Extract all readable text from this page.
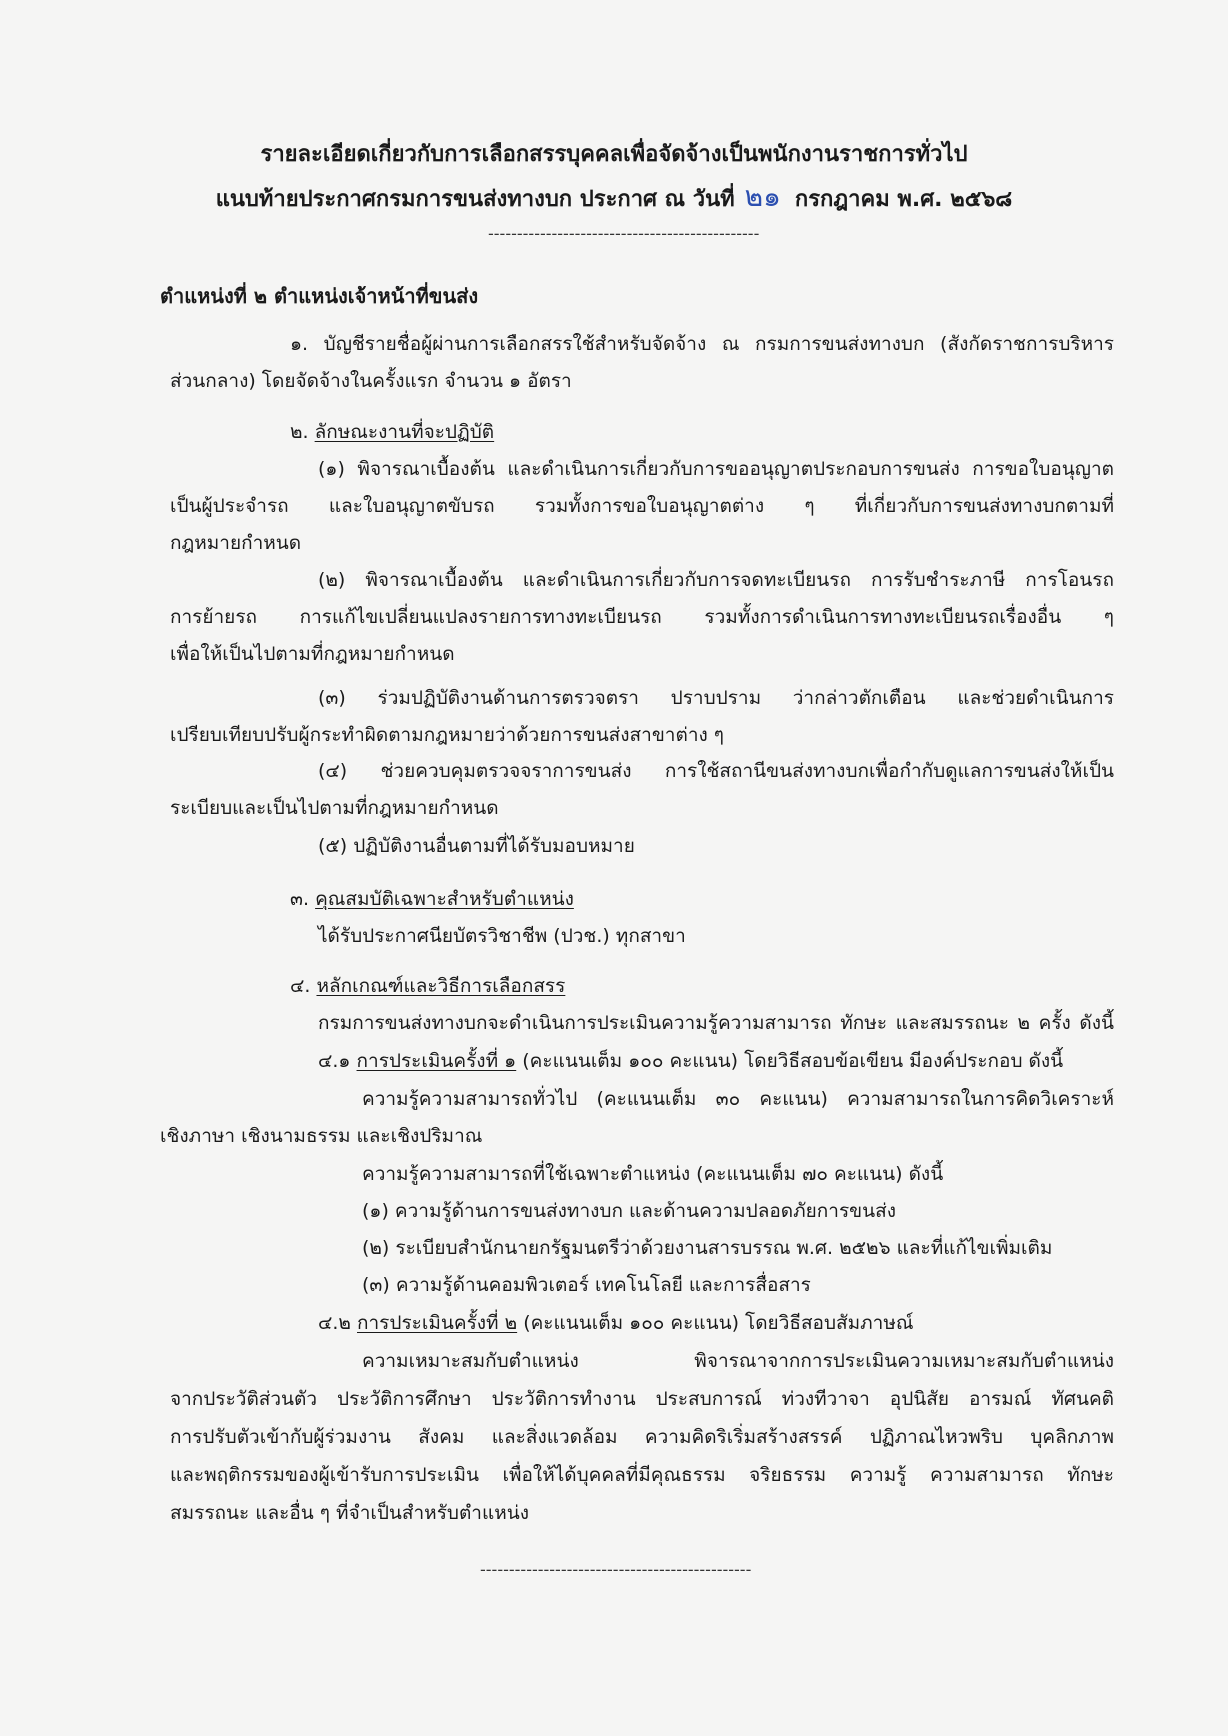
รายละเอียดเกี่ยวกับการเลือกสรรบุคคลเพื่อจัดจ้างเป็นพนักงานราชการทั่วไป
แนบท้ายประกาศกรมการขนส่งทางบก ประกาศ ณ วันที่ ๒๑ กรกฎาคม พ.ศ. ๒๕๖๘
-----------------------------------------------
ตำแหน่งที่ ๒ ตำแหน่งเจ้าหน้าที่ขนส่ง
๑. บัญชีรายชื่อผู้ผ่านการเลือกสรรใช้สำหรับจัดจ้าง ณ กรมการขนส่งทางบก (สังกัดราชการบริหาร
ส่วนกลาง) โดยจัดจ้างในครั้งแรก จำนวน ๑ อัตรา
๒. ลักษณะงานที่จะปฏิบัติ
(๑) พิจารณาเบื้องต้น และดำเนินการเกี่ยวกับการขออนุญาตประกอบการขนส่ง การขอใบอนุญาต
เป็นผู้ประจำรถ และใบอนุญาตขับรถ รวมทั้งการขอใบอนุญาตต่าง ๆ ที่เกี่ยวกับการขนส่งทางบกตามที่
กฎหมายกำหนด
(๒) พิจารณาเบื้องต้น และดำเนินการเกี่ยวกับการจดทะเบียนรถ การรับชำระภาษี การโอนรถ
การย้ายรถ การแก้ไขเปลี่ยนแปลงรายการทางทะเบียนรถ รวมทั้งการดำเนินการทางทะเบียนรถเรื่องอื่น ๆ
เพื่อให้เป็นไปตามที่กฎหมายกำหนด
(๓) ร่วมปฏิบัติงานด้านการตรวจตรา ปราบปราม ว่ากล่าวตักเตือน และช่วยดำเนินการ
เปรียบเทียบปรับผู้กระทำผิดตามกฎหมายว่าด้วยการขนส่งสาขาต่าง ๆ
(๔) ช่วยควบคุมตรวจจราการขนส่ง การใช้สถานีขนส่งทางบกเพื่อกำกับดูแลการขนส่งให้เป็น
ระเบียบและเป็นไปตามที่กฎหมายกำหนด
(๕) ปฏิบัติงานอื่นตามที่ได้รับมอบหมาย
๓. คุณสมบัติเฉพาะสำหรับตำแหน่ง
ได้รับประกาศนียบัตรวิชาชีพ (ปวช.) ทุกสาขา
๔. หลักเกณฑ์และวิธีการเลือกสรร
กรมการขนส่งทางบกจะดำเนินการประเมินความรู้ความสามารถ ทักษะ และสมรรถนะ ๒ ครั้ง ดังนี้
๔.๑ การประเมินครั้งที่ ๑ (คะแนนเต็ม ๑๐๐ คะแนน) โดยวิธีสอบข้อเขียน มีองค์ประกอบ ดังนี้
ความรู้ความสามารถทั่วไป (คะแนนเต็ม ๓๐ คะแนน) ความสามารถในการคิดวิเคราะห์
เชิงภาษา เชิงนามธรรม และเชิงปริมาณ
ความรู้ความสามารถที่ใช้เฉพาะตำแหน่ง (คะแนนเต็ม ๗๐ คะแนน) ดังนี้
(๑) ความรู้ด้านการขนส่งทางบก และด้านความปลอดภัยการขนส่ง
(๒) ระเบียบสำนักนายกรัฐมนตรีว่าด้วยงานสารบรรณ พ.ศ. ๒๕๒๖ และที่แก้ไขเพิ่มเติม
(๓) ความรู้ด้านคอมพิวเตอร์ เทคโนโลยี และการสื่อสาร
๔.๒ การประเมินครั้งที่ ๒ (คะแนนเต็ม ๑๐๐ คะแนน) โดยวิธีสอบสัมภาษณ์
ความเหมาะสมกับตำแหน่ง พิจารณาจากการประเมินความเหมาะสมกับตำแหน่ง
จากประวัติส่วนตัว ประวัติการศึกษา ประวัติการทำงาน ประสบการณ์ ท่วงทีวาจา อุปนิสัย อารมณ์ ทัศนคติ
การปรับตัวเข้ากับผู้ร่วมงาน สังคม และสิ่งแวดล้อม ความคิดริเริ่มสร้างสรรค์ ปฏิภาณไหวพริบ บุคลิกภาพ
และพฤติกรรมของผู้เข้ารับการประเมิน เพื่อให้ได้บุคคลที่มีคุณธรรม จริยธรรม ความรู้ ความสามารถ ทักษะ
สมรรถนะ และอื่น ๆ ที่จำเป็นสำหรับตำแหน่ง
-----------------------------------------------
